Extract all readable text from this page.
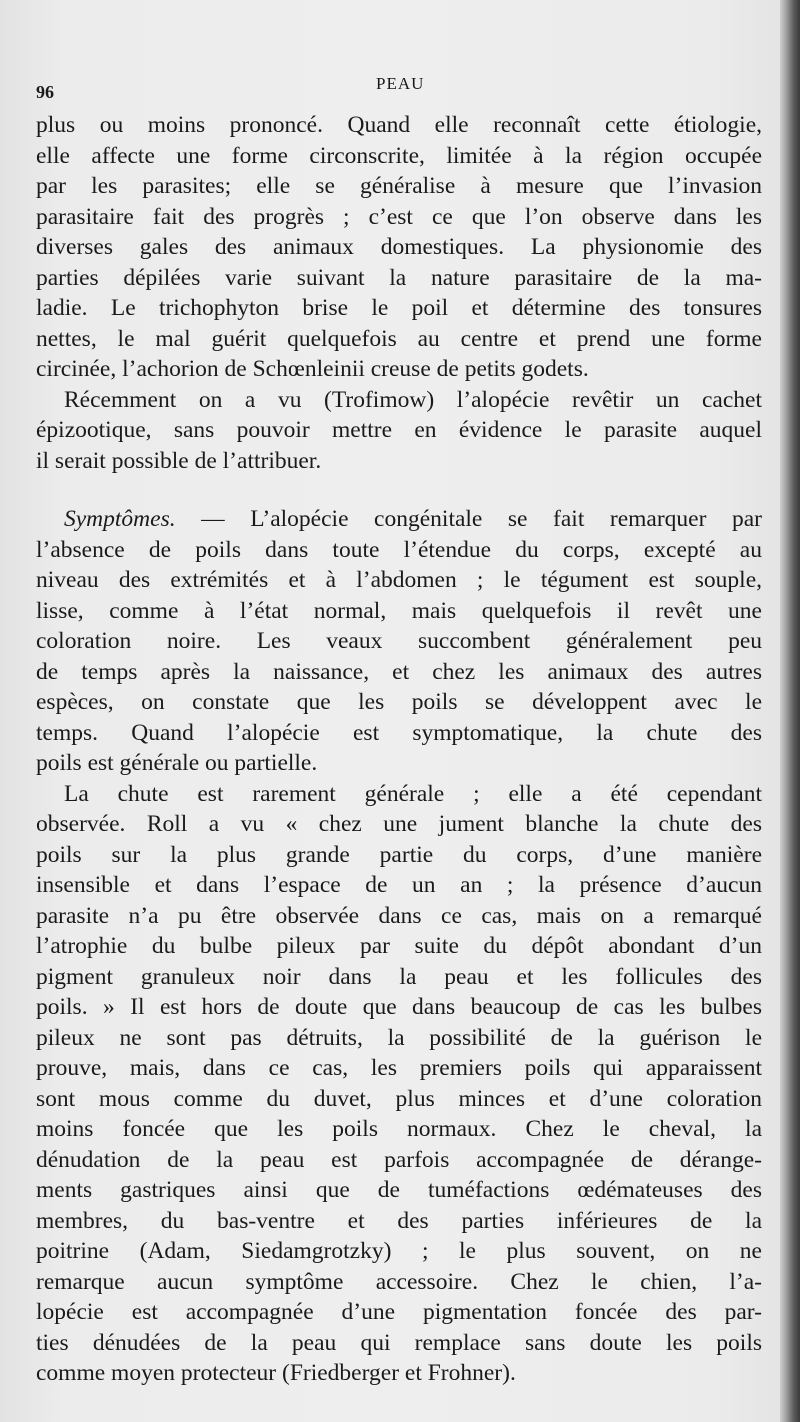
96	PEAU
plus ou moins prononcé. Quand elle reconnaît cette étiologie,
elle affecte une forme circonscrite, limitée à la région occupée
par les parasites; elle se généralise à mesure que l’invasion
parasitaire fait des progrès ; c’est ce que l’on observe dans les
diverses gales des animaux domestiques. La physionomie des
parties dépilées varie suivant la nature parasitaire de la ma-
ladie. Le trichophyton brise le poil et détermine des tonsures
nettes, le mal guérit quelquefois au centre et prend une forme
circinée, l’achorion de Schœnleinii creuse de petits godets.
Récemment on a vu (Trofimow) l’alopécie revêtir un cachet
épizootique, sans pouvoir mettre en évidence le parasite auquel
il serait possible de l’attribuer.
Symptômes. — L’alopécie congénitale se fait remarquer par
l’absence de poils dans toute l’étendue du corps, excepté au
niveau des extrémités et à l’abdomen ; le tégument est souple,
lisse, comme à l’état normal, mais quelquefois il revêt une
coloration noire. Les veaux succombent généralement peu
de temps après la naissance, et chez les animaux des autres
espèces, on constate que les poils se développent avec le
temps. Quand l’alopécie est symptomatique, la chute des
poils est générale ou partielle.
La chute est rarement générale ; elle a été cependant
observée. Roll a vu « chez une jument blanche la chute des
poils sur la plus grande partie du corps, d’une manière
insensible et dans l’espace de un an ; la présence d’aucun
parasite n’a pu être observée dans ce cas, mais on a remarqué
l’atrophie du bulbe pileux par suite du dépôt abondant d’un
pigment granuleux noir dans la peau et les follicules des
poils. » Il est hors de doute que dans beaucoup de cas les bulbes
pileux ne sont pas détruits, la possibilité de la guérison le
prouve, mais, dans ce cas, les premiers poils qui apparaissent
sont mous comme du duvet, plus minces et d’une coloration
moins foncée que les poils normaux. Chez le cheval, la
dénudation de la peau est parfois accompagnée de dérange-
ments gastriques ainsi que de tuméfactions œdémateuses des
membres, du bas-ventre et des parties inférieures de la
poitrine (Adam, Siedamgrotzky) ; le plus souvent, on ne
remarque aucun symptôme accessoire. Chez le chien, l’a-
lopécie est accompagnée d’une pigmentation foncée des par-
ties dénudées de la peau qui remplace sans doute les poils
comme moyen protecteur (Friedberger et Frohner).
